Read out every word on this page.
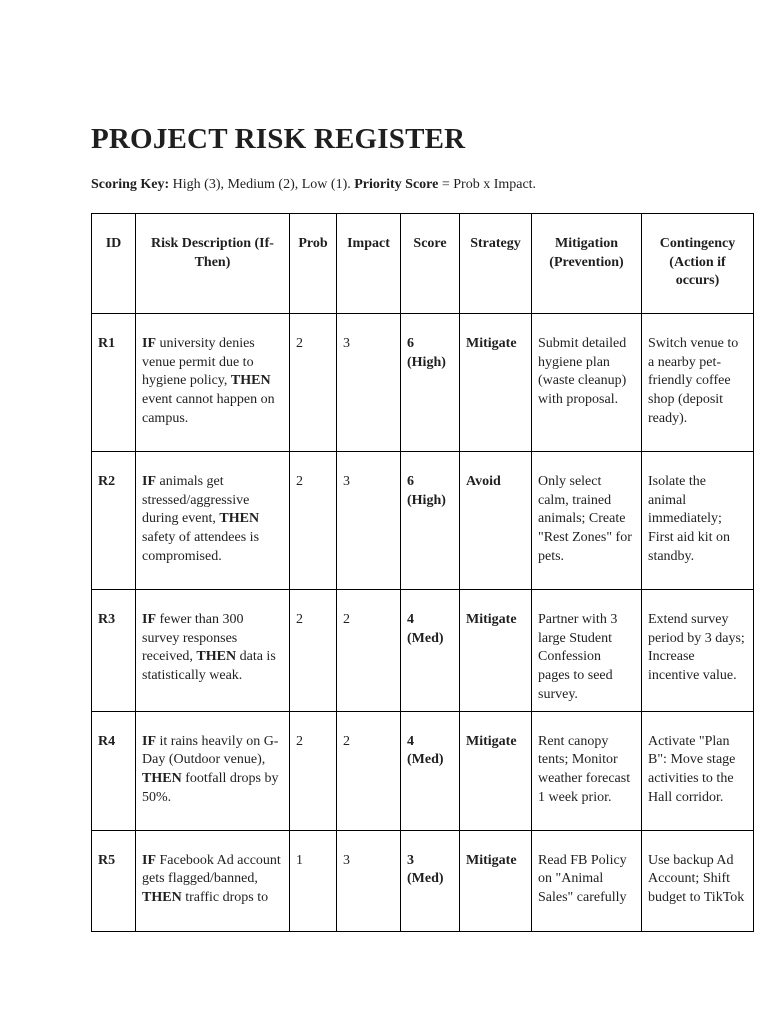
PROJECT RISK REGISTER

Scoring Key: High (3), Medium (2), Low (1). Priority Score = Prob x Impact.

ID	Risk Description (If-Then)	Prob	Impact	Score	Strategy	Mitigation (Prevention)	Contingency (Action if occurs)
R1	IF university denies venue permit due to hygiene policy, THEN event cannot happen on campus.	2	3	6 (High)	Mitigate	Submit detailed hygiene plan (waste cleanup) with proposal.	Switch venue to a nearby pet-friendly coffee shop (deposit ready).
R2	IF animals get stressed/aggressive during event, THEN safety of attendees is compromised.	2	3	6 (High)	Avoid	Only select calm, trained animals; Create "Rest Zones" for pets.	Isolate the animal immediately; First aid kit on standby.
R3	IF fewer than 300 survey responses received, THEN data is statistically weak.	2	2	4 (Med)	Mitigate	Partner with 3 large Student Confession pages to seed survey.	Extend survey period by 3 days; Increase incentive value.
R4	IF it rains heavily on G-Day (Outdoor venue), THEN footfall drops by 50%.	2	2	4 (Med)	Mitigate	Rent canopy tents; Monitor weather forecast 1 week prior.	Activate "Plan B": Move stage activities to the Hall corridor.
R5	IF Facebook Ad account gets flagged/banned, THEN traffic drops to	1	3	3 (Med)	Mitigate	Read FB Policy on "Animal Sales" carefully	Use backup Ad Account; Shift budget to TikTok
